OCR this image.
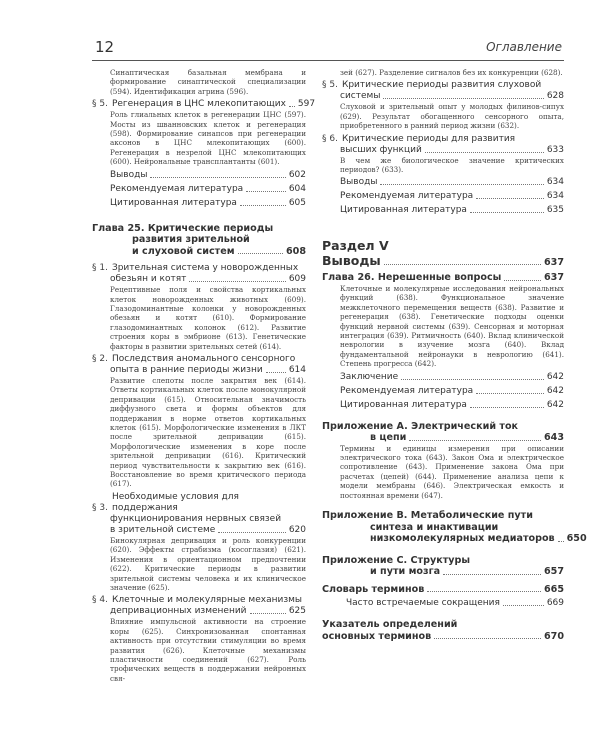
12	Оглавление
Синаптическая базальная мембрана и формирование синаптической специализации (594). Идентификация агрина (596).
§ 5. Регенерация в ЦНС млекопитающих 597
Роль глиальных клеток в регенерации ЦНС (597). Мосты из шванновских клеток и регенерация (598). Формирование синапсов при регенерации аксонов в ЦНС млекопитающих (600). Регенерация в незрелой ЦНС млекопитающих (600). Нейрональные трансплантанты (601).
Выводы	602
Рекомендуемая литература	604
Цитированная литература	605
Глава 25. Критические периоды
развития зрительной
и слуховой систем	608
§ 1. Зрительная система у новорожденных
обезьян и котят	609
Рецептивные поля и свойства кортикальных клеток новорожденных животных (609). Глазодоминантные колонки у новорожденных обезьян и котят (610). Формирование глазодоминантных колонок (612). Развитие строения коры в эмбрионе (613). Генетические факторы в развитии зрительных сетей (614).
§ 2. Последствия аномального сенсорного
опыта в ранние периоды жизни	614
Развитие слепоты после закрытия век (614). Ответы кортикальных клеток после монокулярной депривации (615). Относительная значимость диффузного света и формы объектов для поддержания в норме ответов кортикальных клеток (615). Морфологические изменения в ЛКТ после зрительной депривации (615). Морфологические изменения в коре после зрительной депривации (616). Критический период чувствительности к закрытию век (616). Восстановление во время критического периода (617).
§ 3.
Необходимые условия для поддержания
функционирования нервных связей
в зрительной системе	620
Бинокулярная депривация и роль конкуренции (620). Эффекты страбизма (косоглазия) (621). Изменения в ориентационном предпочтении (622). Критические периоды в развитии зрительной системы человека и их клиническое значение (625).
§ 4. Клеточные и молекулярные механизмы
депривационных изменений	625
Влияние импульсной активности на строение коры (625). Синхронизованная спонтанная активность при отсутствии стимуляции во время развития (626). Клеточные механизмы пластичности соединений (627). Роль трофических веществ в поддержании нейронных свя-
зей (627). Разделение сигналов без их конкуренции (628).
§ 5. Критические периоды развития слуховой
системы	628
Слуховой и зрительный опыт у молодых филинов-сипух (629). Результат обогащенного сенсорного опыта, приобретенного в ранний период жизни (632).
§ 6. Критические периоды для развития
высших функций	633
В чем же биологическое значение критических периодов? (633).
Выводы	634
Рекомендуемая литература	634
Цитированная литература	635
Раздел V
Выводы	637
Глава 26. Нерешенные вопросы	637
Клеточные и молекулярные исследования нейрональных функций (638). Функциональное значение межклеточного перемещения веществ (638). Развитие и регенерация (638). Генетические подходы оценки функций нервной системы (639). Сенсорная и моторная интеграция (639). Ритмичность (640). Вклад клинической неврологии в изучение мозга (640). Вклад фундаментальной нейронауки в неврологию (641). Степень прогресса (642).
Заключение	642
Рекомендуемая литература	642
Цитированная литература	642
Приложение A. Электрический ток
в цепи	643
Термины и единицы измерения при описании электрического тока (643). Закон Ома и электрическое сопротивление (643). Применение закона Ома при расчетах (цепей) (644). Применение анализа цепи к модели мембраны (646). Электрическая емкость и постоянная времени (647).
Приложение B. Метаболические пути
синтеза и инактивации
низкомолекулярных медиаторов 650
Приложение C. Структуры
и пути мозга	657
Словарь терминов	665
Часто встречаемые сокращения	669
Указатель определений
основных терминов	670
